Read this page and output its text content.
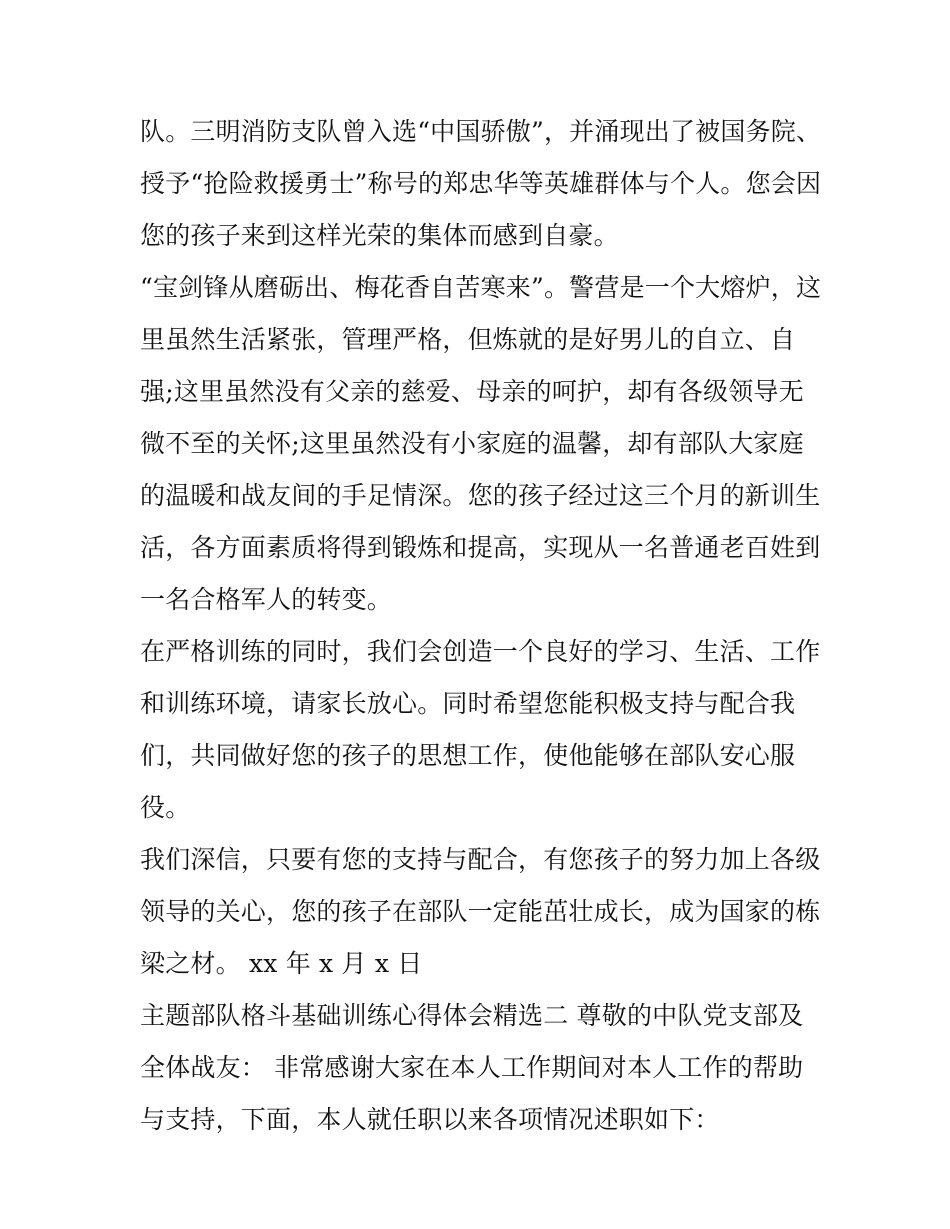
队。三明消防支队曾入选“中国骄傲”，并涌现出了被国务院、
授予“抢险救援勇士”称号的郑忠华等英雄群体与个人。您会因
您的孩子来到这样光荣的集体而感到自豪。
“宝剑锋从磨砺出、梅花香自苦寒来”。警营是一个大熔炉，这
里虽然生活紧张，管理严格，但炼就的是好男儿的自立、自
强;这里虽然没有父亲的慈爱、母亲的呵护，却有各级领导无
微不至的关怀;这里虽然没有小家庭的温馨，却有部队大家庭
的温暖和战友间的手足情深。您的孩子经过这三个月的新训生
活，各方面素质将得到锻炼和提高，实现从一名普通老百姓到
一名合格军人的转变。
在严格训练的同时，我们会创造一个良好的学习、生活、工作
和训练环境，请家长放心。同时希望您能积极支持与配合我
们，共同做好您的孩子的思想工作，使他能够在部队安心服
役。
我们深信，只要有您的支持与配合，有您孩子的努力加上各级
领导的关心，您的孩子在部队一定能茁壮成长，成为国家的栋
梁之材。 xx 年 x 月 x 日
主题部队格斗基础训练心得体会精选二 尊敬的中队党支部及
全体战友： 非常感谢大家在本人工作期间对本人工作的帮助
与支持，下面，本人就任职以来各项情况述职如下：
